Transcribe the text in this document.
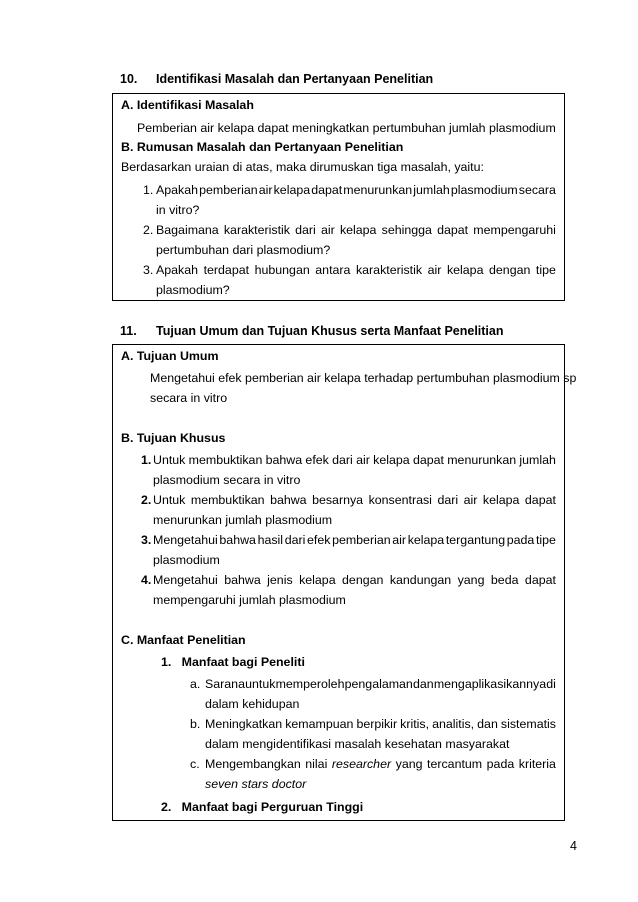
10. Identifikasi Masalah dan Pertanyaan Penelitian
A. Identifikasi Masalah
Pemberian air kelapa dapat meningkatkan pertumbuhan jumlah plasmodium
B. Rumusan Masalah dan Pertanyaan Penelitian
Berdasarkan uraian di atas, maka dirumuskan tiga masalah, yaitu:
1. Apakah pemberian air kelapa dapat menurunkan jumlah plasmodium secara
in vitro?
2. Bagaimana karakteristik dari air kelapa sehingga dapat mempengaruhi
pertumbuhan dari plasmodium?
3. Apakah terdapat hubungan antara karakteristik air kelapa dengan tipe
plasmodium?
11. Tujuan Umum dan Tujuan Khusus serta Manfaat Penelitian
A. Tujuan Umum
Mengetahui efek pemberian air kelapa terhadap pertumbuhan plasmodium sp
secara in vitro
B. Tujuan Khusus
1. Untuk membuktikan bahwa efek dari air kelapa dapat menurunkan jumlah
plasmodium secara in vitro
2. Untuk membuktikan bahwa besarnya konsentrasi dari air kelapa dapat
menurunkan jumlah plasmodium
3. Mengetahui bahwa hasil dari efek pemberian air kelapa tergantung pada tipe
plasmodium
4. Mengetahui bahwa jenis kelapa dengan kandungan yang beda dapat
mempengaruhi jumlah plasmodium
C. Manfaat Penelitian
1.   Manfaat bagi Peneliti
a. Sarana untuk memperoleh pengalaman dan mengaplikasikannya di
dalam kehidupan
b. Meningkatkan kemampuan berpikir kritis, analitis, dan sistematis
dalam mengidentifikasi masalah kesehatan masyarakat
c. Mengembangkan nilai researcher yang tercantum pada kriteria
seven stars doctor
2.   Manfaat bagi Perguruan Tinggi
4
